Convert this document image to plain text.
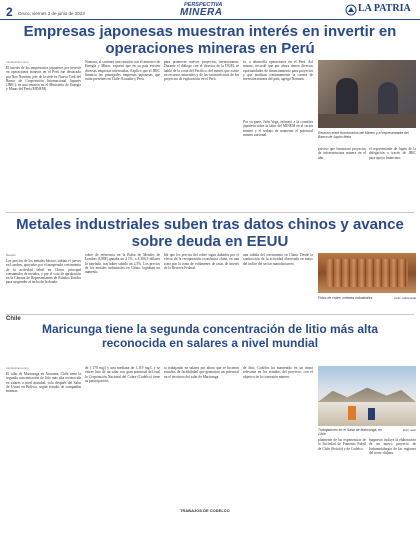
2 Oruro, viernes 2 de junio de 2023
PERSPECTIVA
MINERA	LA PATRIA
Empresas japonesas muestran interés en invertir en operaciones mineras en Perú
rumbominero.com
El interés de los empresarios japoneses por invertir en operaciones mineras en el Perú fue destacado por Noe Nomura, jefe de la sede en Nueva York del Banco de Cooperación Internacional Japonés (JBIC), en una reunión en el Ministerio de Energía y Minas del Perú (MINEM).
Nomura, al sostener una reunión con el ministro de Energía y Minas, expresó que en su país existen diversas empresas interesadas. Explicó que el JBIC financia las principales empresas japonesas que están presentes en Chile, Ecuador y Perú.
para promover nuevos proyectos, mencionaron. Durante el diálogo con el director de la DGM, se habló de la costa del Pacífico, del interés que existe en recursos minerales y de las características de los proyectos de exploración en el Perú.
es, a desarrolla operaciones en el Perú. Así mismo, recordó que por ahora tienen diversas oportunidades de financiamiento para proyectos y que analizan continuamente la cartera de inversión minera del país, agregó Nomura.
Por su parte, Iván Vega, informó a la comitiva japonesa sobre la labor del MINEM en el sector minero y el trabajo de mantener el potencial minero nacional.	Reunión entre funcionarios del Minem y el representante del Banco de Japón Meta
preciso que financiará proyectos de infraestructura minera en el año.
el representante de Japón de la delegación a través de JBIC para apoyo financiero.
Metales industriales suben tras datos chinos y avance sobre deuda en EEUU
Reuters
Los precios de los metales básicos subían el jueves en Londres, apoyados por el inesperado crecimiento de la actividad fabril en China, principal consumidor de metales, y por el voto de aprobación en la Cámara de Representantes de Estados Unidos para suspender el techo de la deuda.
cobre de referencia en la Bolsa de Metales de Londres (LME) ganaba un 2,1%, a 8.306,5 dólares la tonelada, tras haber subido un 2,5%. Los precios de los metales industriales en China, lograban un aumento.
ble que los precios del cobre sigan dañados por el efecto de la recuperación económica china, en una zona por la zona de volúmenes de tasas de interés de la Reserva Federal.
una subida del crecimiento en China. Desde la contracción de la actividad observada en mayo del índice del sector manufacturero.
Fotos de cobre, metales industriales	Foto: referencial
Chile
Maricunga tiene la segunda concentración de litio más alta reconocida en salares a nivel mundial
rumbominero.com
El salar de Maricunga en Atacama, Chile tiene la segunda concentración de litio más alta reconocida en salares a nivel mundial, solo después del Salar de Uyuni en Bolivia, según estudio de compañías mineras.
de 1.170 mg/l y una mediana de 1.119 mg/l, y se extrae litio de un salar con gran potencial del cual la Corporación Nacional del Cobre (Codelco) tiene su participación.
ta trabajando en salares por ahora que se hicieron estudios de factibilidad que generaron un potencial en el territorio del salar de Maricunga.
TRABAJOS DE CODELCO
de litio, Codelco ha mantenido en un ritmo relevante en los estudios del proyecto, con el objetivo de la concesión minera.
Trabajadores en el Salar de Maricunga, en Chile
Foto: web
pliamente de las experiencias de la Sociedad de Fomento Fabril de Chile (Sofofa) y de Codelco.
magnesio incluye la elaboración de un nuevo proyecto de hidrometalurgia de las regiones del norte chileno.
